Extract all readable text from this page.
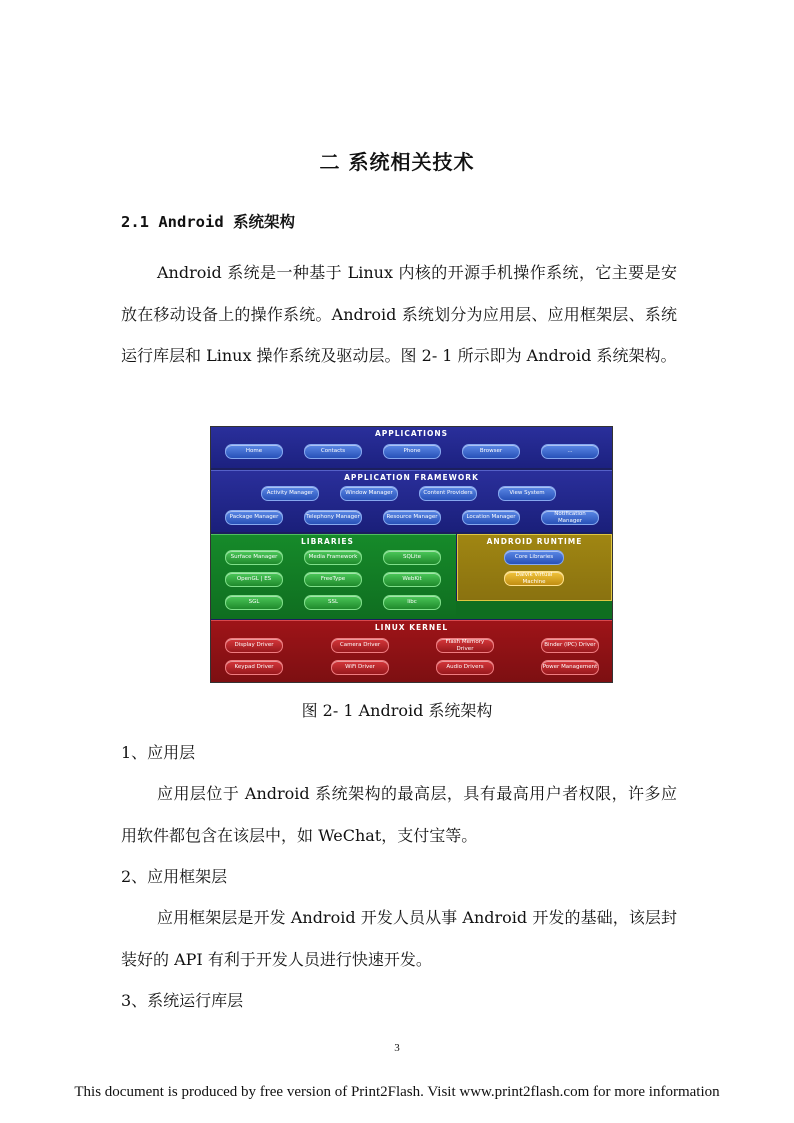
二 系统相关技术
2.1 Android 系统架构

Android 系统是一种基于 Linux 内核的开源手机操作系统，它主要是安放在移动设备上的操作系统。Android 系统划分为应用层、应用框架层、系统运行库层和 Linux 操作系统及驱动层。图 2- 1 所示即为 Android 系统架构。

APPLICATIONS
Home	Contacts	Phone	Browser	...
APPLICATION FRAMEWORK
Activity Manager	Window Manager	Content Providers	View System
Package Manager	Telephony Manager	Resource Manager	Location Manager
Notification Manager
LIBRARIES
Surface Manager	Media Framework	SQLite
OpenGL | ES	FreeType	WebKit
SGL	SSL	libc
ANDROID RUNTIME
Core Libraries
Dalvik Virtual Machine
LINUX KERNEL
Display Driver	Camera Driver
Flash Memory Driver
Binder (IPC) Driver
Keypad Driver	WiFi Driver	Audio Drivers	Power Management
图 2- 1 Android 系统架构
1、应用层

应用层位于 Android 系统架构的最高层，具有最高用户者权限，许多应用软件都包含在该层中，如 WeChat，支付宝等。

2、应用框架层

应用框架层是开发 Android 开发人员从事 Android 开发的基础，该层封装好的 API 有利于开发人员进行快速开发。

3、系统运行库层
3
This document is produced by free version of Print2Flash. Visit www.print2flash.com for more information
